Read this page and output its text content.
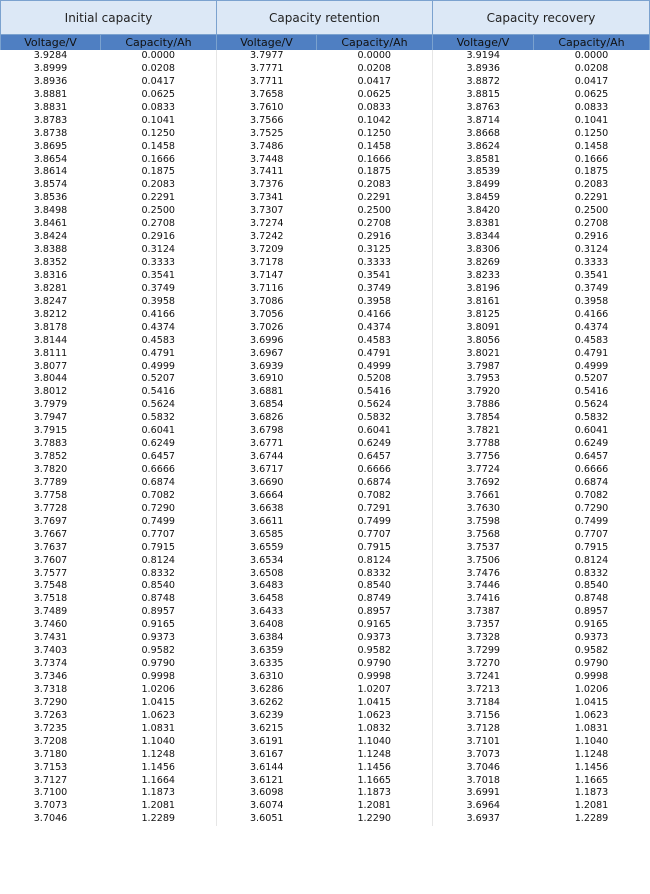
Initial capacity		Capacity retention		Capacity recovery	
Voltage/V	Capacity/Ah	Voltage/V	Capacity/Ah	Voltage/V	Capacity/Ah
3.9284	0.0000	3.7977	0.0000	3.9194	0.0000
3.8999	0.0208	3.7771	0.0208	3.8936	0.0208
3.8936	0.0417	3.7711	0.0417	3.8872	0.0417
3.8881	0.0625	3.7658	0.0625	3.8815	0.0625
3.8831	0.0833	3.7610	0.0833	3.8763	0.0833
3.8783	0.1041	3.7566	0.1042	3.8714	0.1041
3.8738	0.1250	3.7525	0.1250	3.8668	0.1250
3.8695	0.1458	3.7486	0.1458	3.8624	0.1458
3.8654	0.1666	3.7448	0.1666	3.8581	0.1666
3.8614	0.1875	3.7411	0.1875	3.8539	0.1875
3.8574	0.2083	3.7376	0.2083	3.8499	0.2083
3.8536	0.2291	3.7341	0.2291	3.8459	0.2291
3.8498	0.2500	3.7307	0.2500	3.8420	0.2500
3.8461	0.2708	3.7274	0.2708	3.8381	0.2708
3.8424	0.2916	3.7242	0.2916	3.8344	0.2916
3.8388	0.3124	3.7209	0.3125	3.8306	0.3124
3.8352	0.3333	3.7178	0.3333	3.8269	0.3333
3.8316	0.3541	3.7147	0.3541	3.8233	0.3541
3.8281	0.3749	3.7116	0.3749	3.8196	0.3749
3.8247	0.3958	3.7086	0.3958	3.8161	0.3958
3.8212	0.4166	3.7056	0.4166	3.8125	0.4166
3.8178	0.4374	3.7026	0.4374	3.8091	0.4374
3.8144	0.4583	3.6996	0.4583	3.8056	0.4583
3.8111	0.4791	3.6967	0.4791	3.8021	0.4791
3.8077	0.4999	3.6939	0.4999	3.7987	0.4999
3.8044	0.5207	3.6910	0.5208	3.7953	0.5207
3.8012	0.5416	3.6881	0.5416	3.7920	0.5416
3.7979	0.5624	3.6854	0.5624	3.7886	0.5624
3.7947	0.5832	3.6826	0.5832	3.7854	0.5832
3.7915	0.6041	3.6798	0.6041	3.7821	0.6041
3.7883	0.6249	3.6771	0.6249	3.7788	0.6249
3.7852	0.6457	3.6744	0.6457	3.7756	0.6457
3.7820	0.6666	3.6717	0.6666	3.7724	0.6666
3.7789	0.6874	3.6690	0.6874	3.7692	0.6874
3.7758	0.7082	3.6664	0.7082	3.7661	0.7082
3.7728	0.7290	3.6638	0.7291	3.7630	0.7290
3.7697	0.7499	3.6611	0.7499	3.7598	0.7499
3.7667	0.7707	3.6585	0.7707	3.7568	0.7707
3.7637	0.7915	3.6559	0.7915	3.7537	0.7915
3.7607	0.8124	3.6534	0.8124	3.7506	0.8124
3.7577	0.8332	3.6508	0.8332	3.7476	0.8332
3.7548	0.8540	3.6483	0.8540	3.7446	0.8540
3.7518	0.8748	3.6458	0.8749	3.7416	0.8748
3.7489	0.8957	3.6433	0.8957	3.7387	0.8957
3.7460	0.9165	3.6408	0.9165	3.7357	0.9165
3.7431	0.9373	3.6384	0.9373	3.7328	0.9373
3.7403	0.9582	3.6359	0.9582	3.7299	0.9582
3.7374	0.9790	3.6335	0.9790	3.7270	0.9790
3.7346	0.9998	3.6310	0.9998	3.7241	0.9998
3.7318	1.0206	3.6286	1.0207	3.7213	1.0206
3.7290	1.0415	3.6262	1.0415	3.7184	1.0415
3.7263	1.0623	3.6239	1.0623	3.7156	1.0623
3.7235	1.0831	3.6215	1.0832	3.7128	1.0831
3.7208	1.1040	3.6191	1.1040	3.7101	1.1040
3.7180	1.1248	3.6167	1.1248	3.7073	1.1248
3.7153	1.1456	3.6144	1.1456	3.7046	1.1456
3.7127	1.1664	3.6121	1.1665	3.7018	1.1665
3.7100	1.1873	3.6098	1.1873	3.6991	1.1873
3.7073	1.2081	3.6074	1.2081	3.6964	1.2081
3.7046	1.2289	3.6051	1.2290	3.6937	1.2289
